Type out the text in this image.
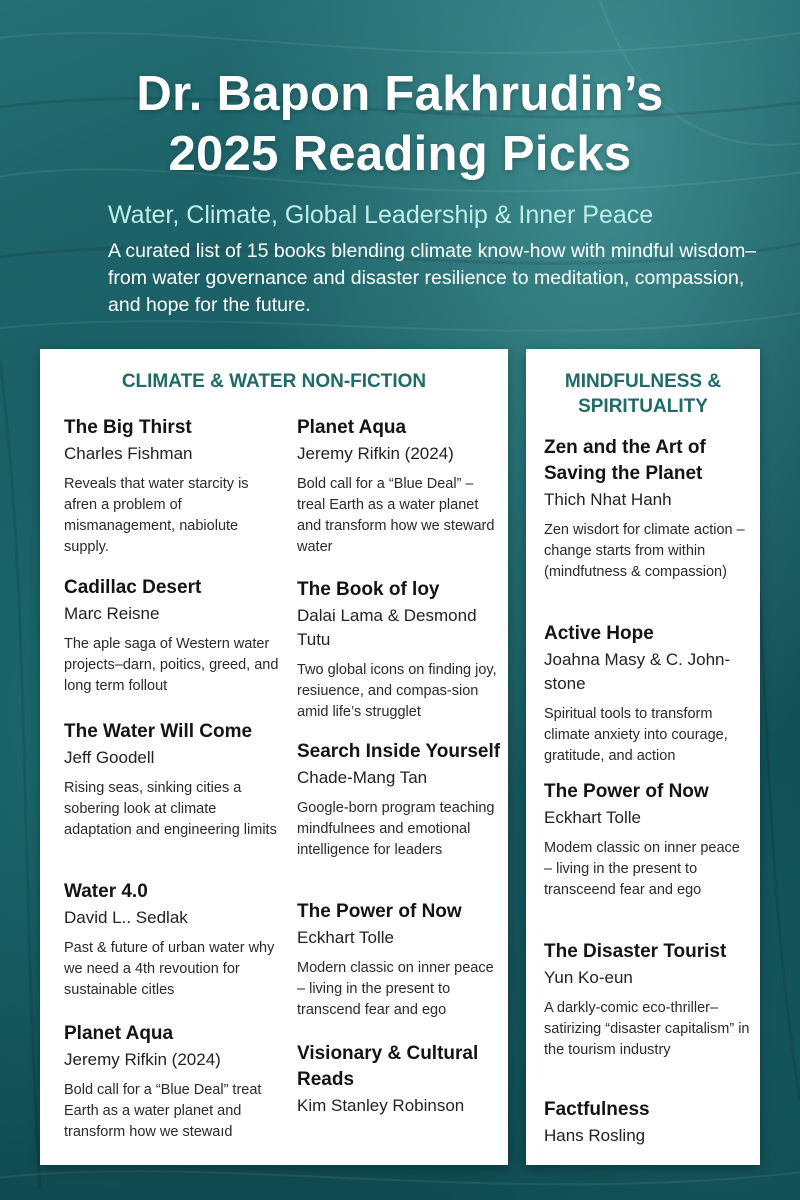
Dr. Bapon Fakhrudin’s
2025 Reading Picks
Water, Climate, Global Leadership & Inner Peace
A curated list of 15 books blending climate know-how with mindful wisdom– from water governance and disaster resilience to meditation, compassion, and hope for the future.
CLIMATE & WATER NON-FICTION
The Big Thirst
Charles Fishman
Reveals that water starcity is afren a problem of mismanagement, nabiolute supply.
Cadillac Desert
Marc Reisne
The aple saga of Western water projects–darn, poitics, greed, and long term follout
The Water Will Come
Jeff Goodell
Rising seas, sinking cities a sobering look at climate adaptation and engineering limits
Water 4.0
David L.. Sedlak
Past & future of urban water why we need a 4th revoution for sustainable citles
Planet Aqua
Jeremy Rifkin (2024)
Bold call for a “Blue Deal” treat Earth as a water planet and transform how we stewaıd
Planet Aqua
Jeremy Rifkin (2024)
Bold call for a “Blue Deal” – treal Earth as a water planet and transform how we steward water
The Book of loy
Dalai Lama & Desmond Tutu
Two global icons on finding joy, resiuence, and compas-sion amid life’s strugglet
Search Inside Yourself
Chade-Mang Tan
Google-born program teaching mindfulnees and emotional intelligence for leaders
The Power of Now
Eckhart Tolle
Modern classic on inner peace – living in the present to transcend fear and ego
Visionary & Cultural Reads
Kim Stanley Robinson
MINDFULNESS & SPIRITUALITY
Zen and the Art of Saving the Planet
Thich Nhat Hanh
Zen wisdort for climate action – change starts from within (mindfutness & compassion)
Active Hope
Joahna Masy & C. John-stone
Spiritual tools to transform climate anxiety into courage, gratitude, and action
The Power of Now
Eckhart Tolle
Modem classic on inner peace – living in the present to transceend fear and ego
The Disaster Tourist
Yun Ko-eun
A darkly-comic eco-thriller– satirizing “disaster capitalism” in the tourism industry
Factfulness
Hans Rosling
